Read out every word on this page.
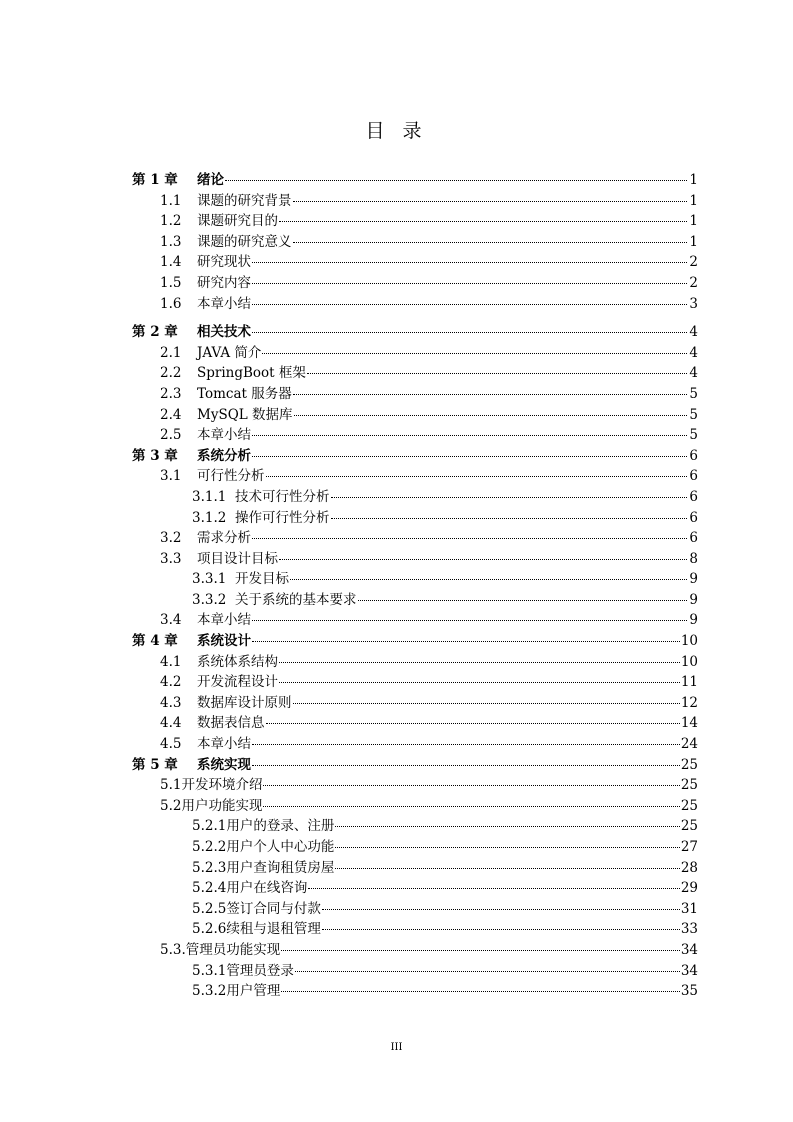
目 录
第 1 章	绪论	1
1.1	课题的研究背景	1
1.2	课题研究目的	1
1.3	课题的研究意义	1
1.4	研究现状	2
1.5	研究内容	2
1.6	本章小结	3
第 2 章	相关技术	4
2.1	JAVA 简介	4
2.2	SpringBoot 框架	4
2.3	Tomcat 服务器	5
2.4	MySQL 数据库	5
2.5	本章小结	5
第 3 章	系统分析	6
3.1	可行性分析	6
3.1.1 技术可行性分析	6
3.1.2 操作可行性分析	6
3.2	需求分析	6
3.3	项目设计目标	8
3.3.1 开发目标	9
3.3.2 关于系统的基本要求	9
3.4	本章小结	9
第 4 章	系统设计	10
4.1	系统体系结构	10
4.2	开发流程设计	11
4.3	数据库设计原则	12
4.4	数据表信息	14
4.5	本章小结	24
第 5 章	系统实现	25
5.1 开发环境介绍	25
5.2 用户功能实现	25
5.2.1 用户的登录、注册	25
5.2.2 用户个人中心功能	27
5.2.3 用户查询租赁房屋	28
5.2.4 用户在线咨询	29
5.2.5 签订合同与付款	31
5.2.6 续租与退租管理	33
5.3. 管理员功能实现	34
5.3.1 管理员登录	34
5.3.2 用户管理	35
III
